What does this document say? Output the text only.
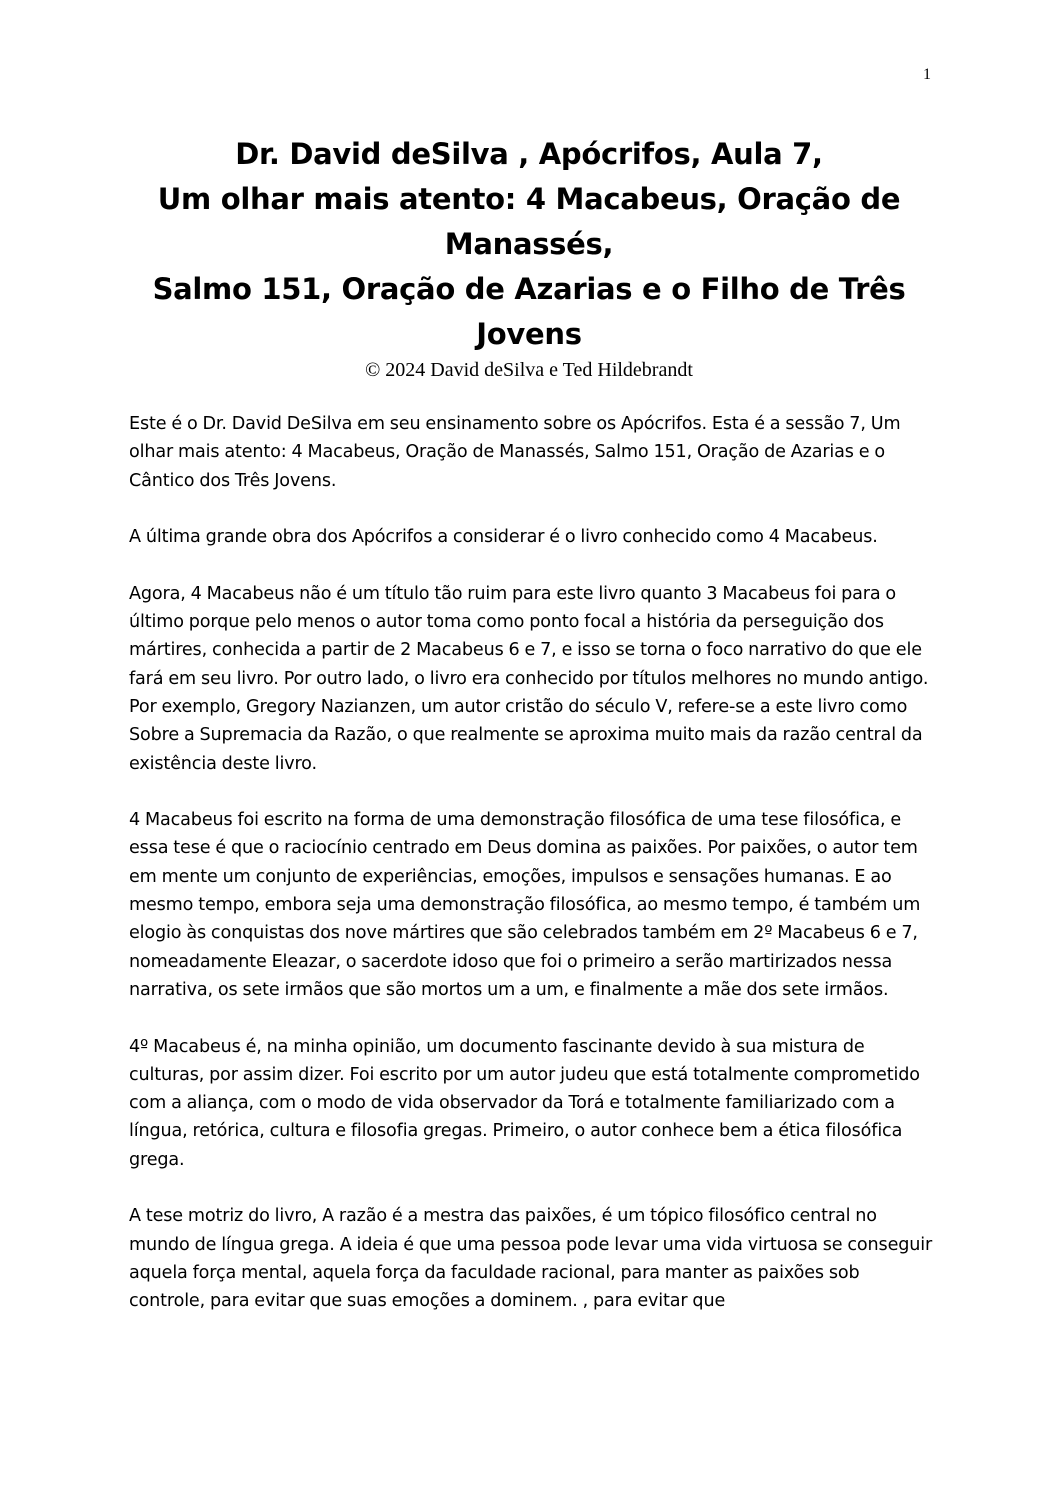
1
Dr. David deSilva , Apócrifos, Aula 7,
Um olhar mais atento: 4 Macabeus, Oração de
Manassés,
Salmo 151, Oração de Azarias e o Filho de Três
Jovens
© 2024 David deSilva e Ted Hildebrandt

Este é o Dr. David DeSilva em seu ensinamento sobre os Apócrifos. Esta é a sessão 7, Um olhar mais atento: 4 Macabeus, Oração de Manassés, Salmo 151, Oração de Azarias e o Cântico dos Três Jovens.

A última grande obra dos Apócrifos a considerar é o livro conhecido como 4 Macabeus.

Agora, 4 Macabeus não é um título tão ruim para este livro quanto 3 Macabeus foi para o último porque pelo menos o autor toma como ponto focal a história da perseguição dos mártires, conhecida a partir de 2 Macabeus 6 e 7, e isso se torna o foco narrativo do que ele fará em seu livro. Por outro lado, o livro era conhecido por títulos melhores no mundo antigo. Por exemplo, Gregory Nazianzen, um autor cristão do século V, refere-se a este livro como Sobre a Supremacia da Razão, o que realmente se aproxima muito mais da razão central da existência deste livro.

4 Macabeus foi escrito na forma de uma demonstração filosófica de uma tese filosófica, e essa tese é que o raciocínio centrado em Deus domina as paixões. Por paixões, o autor tem em mente um conjunto de experiências, emoções, impulsos e sensações humanas. E ao mesmo tempo, embora seja uma demonstração filosófica, ao mesmo tempo, é também um elogio às conquistas dos nove mártires que são celebrados também em 2º Macabeus 6 e 7, nomeadamente Eleazar, o sacerdote idoso que foi o primeiro a serão martirizados nessa narrativa, os sete irmãos que são mortos um a um, e finalmente a mãe dos sete irmãos.

4º Macabeus é, na minha opinião, um documento fascinante devido à sua mistura de culturas, por assim dizer. Foi escrito por um autor judeu que está totalmente comprometido com a aliança, com o modo de vida observador da Torá e totalmente familiarizado com a língua, retórica, cultura e filosofia gregas. Primeiro, o autor conhece bem a ética filosófica grega.

A tese motriz do livro, A razão é a mestra das paixões, é um tópico filosófico central no mundo de língua grega. A ideia é que uma pessoa pode levar uma vida virtuosa se conseguir aquela força mental, aquela força da faculdade racional, para manter as paixões sob controle, para evitar que suas emoções a dominem. , para evitar que
